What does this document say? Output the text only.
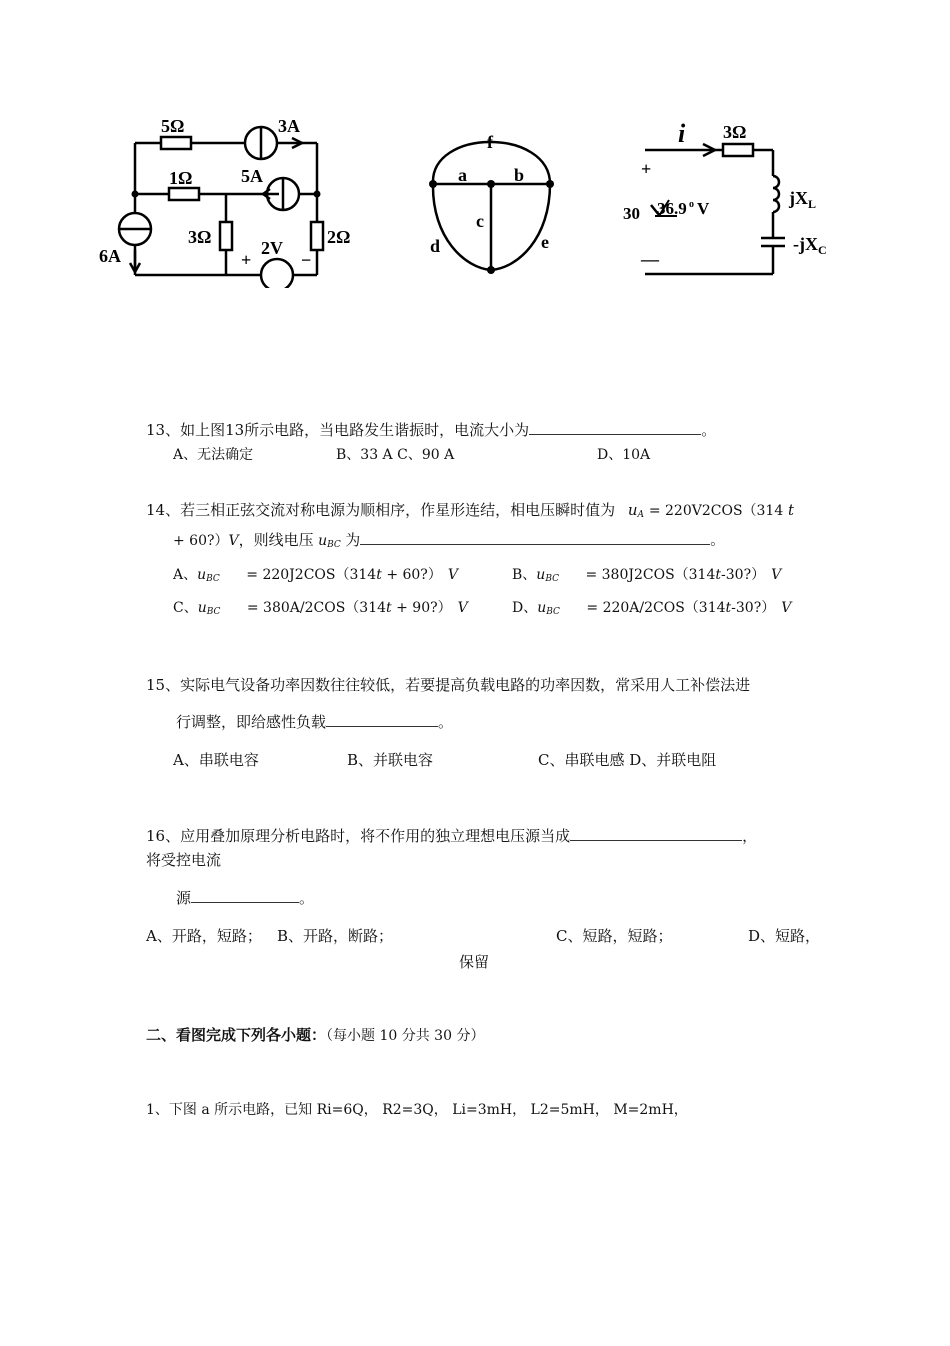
5Ω	3A
1Ω	5A
3Ω
2V
2Ω
6A	+	−
a	b
c
d	e
f	i 3Ω
+
—
30 36.9 o V
$jX_L$
$-jX_C$
13、如上图13所示电路，当电路发生谐振时，电流大小为	。
A、无法确定	B、33 A C、90 A	D、10A
14、若三相正弦交流对称电源为顺相序，作星形连结，相电压瞬时值为 $u_A = 220V2COS(314$ t
+ 60?）V，则线电压 $u_{BC}$ 为	。
A、$u_{BC} = 220J2COS(314t$ + 60?） V	B、$u_{BC}$ = 380J2COS（314t-30?） V
C、$u_{BC} = 380A/2COS(314t$ + 90?） V	D、$u_{BC}$ = 220A/2COS（314t-30?） V
15、实际电气设备功率因数往往较低，若要提高负载电路的功率因数，常采用人工补偿法进
行调整，即给感性负载	。
A、串联电容	B、并联电容	C、串联电感 D、并联电阻
16、应用叠加原理分析电路时，将不作用的独立理想电压源当成	，
将受控电流
源	。
A、开路，短路； B、开路，断路；	C、短路，短路；	D、短路，
保留
二、看图完成下列各小题：（每小题 10 分共 30 分）
1、下图 a 所示电路，已知 Ri=6Q， R2=3Q， Li=3mH， L2=5mH， M=2mH，
